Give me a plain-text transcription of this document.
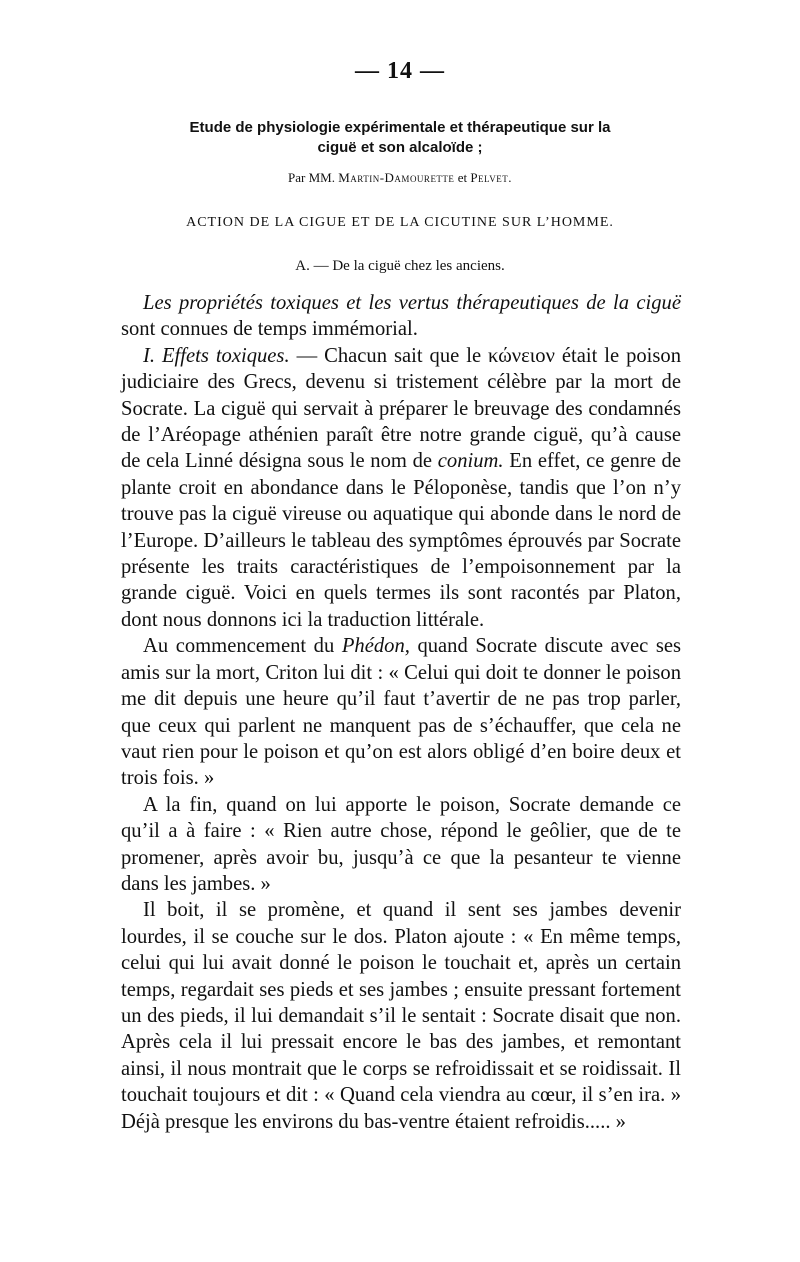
— 14 —
Etude de physiologie expérimentale et thérapeutique sur la
ciguë et son alcaloïde ;
Par MM. Martin-Damourette et Pelvet.
ACTION DE LA CIGUE ET DE LA CICUTINE SUR L’HOMME.
A. — De la ciguë chez les anciens.

Les propriétés toxiques et les vertus thérapeutiques de la ciguë sont connues de temps immémorial.

I. Effets toxiques. — Chacun sait que le κώνειον était le poison judiciaire des Grecs, devenu si tristement célèbre par la mort de Socrate. La ciguë qui servait à préparer le breuvage des condamnés de l’Aréopage athénien paraît être notre grande ciguë, qu’à cause de cela Linné désigna sous le nom de conium. En effet, ce genre de plante croit en abondance dans le Péloponèse, tandis que l’on n’y trouve pas la ciguë vireuse ou aquatique qui abonde dans le nord de l’Europe. D’ailleurs le tableau des symptômes éprouvés par Socrate présente les traits caractéristiques de l’empoisonnement par la grande ciguë. Voici en quels termes ils sont racontés par Platon, dont nous donnons ici la traduction littérale.

Au commencement du Phédon, quand Socrate discute avec ses amis sur la mort, Criton lui dit : « Celui qui doit te donner le poison me dit depuis une heure qu’il faut t’avertir de ne pas trop parler, que ceux qui parlent ne manquent pas de s’échauffer, que cela ne vaut rien pour le poison et qu’on est alors obligé d’en boire deux et trois fois. »

A la fin, quand on lui apporte le poison, Socrate demande ce qu’il a à faire : « Rien autre chose, répond le geôlier, que de te promener, après avoir bu, jusqu’à ce que la pesanteur te vienne dans les jambes. »

Il boit, il se promène, et quand il sent ses jambes devenir lourdes, il se couche sur le dos. Platon ajoute : « En même temps, celui qui lui avait donné le poison le touchait et, après un certain temps, regardait ses pieds et ses jambes ; ensuite pressant fortement un des pieds, il lui demandait s’il le sentait : Socrate disait que non. Après cela il lui pressait encore le bas des jambes, et remontant ainsi, il nous montrait que le corps se refroidissait et se roidissait. Il touchait toujours et dit : « Quand cela viendra au cœur, il s’en ira. » Déjà presque les environs du bas-ventre étaient refroidis..... »
